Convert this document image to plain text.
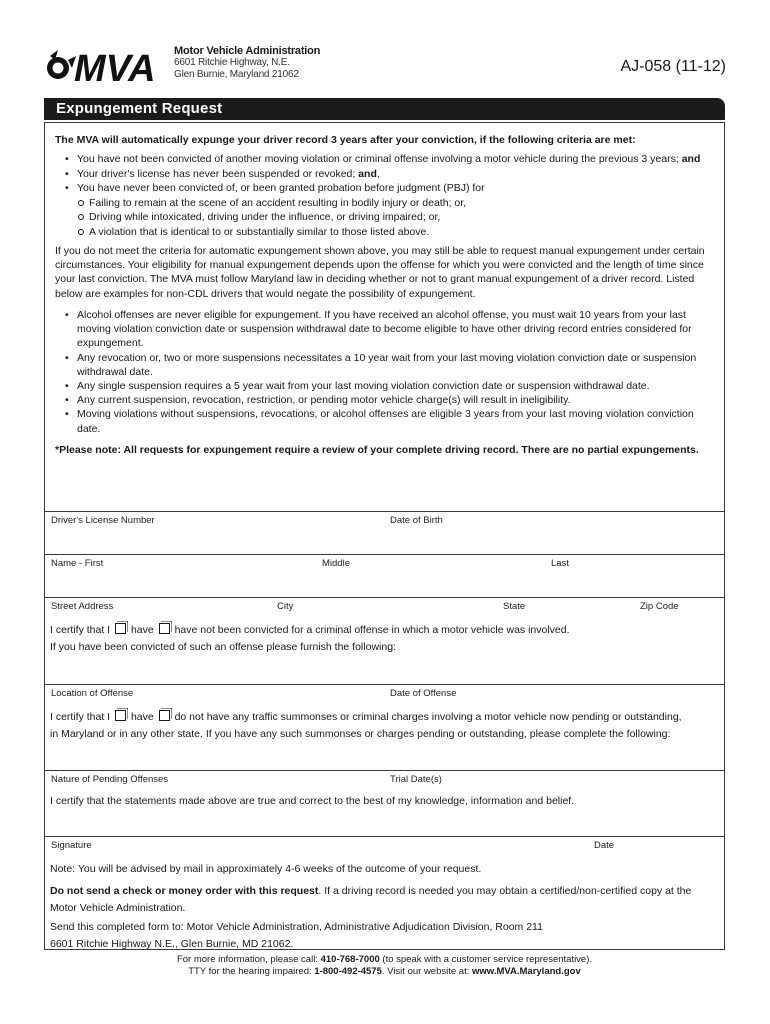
MVA Motor Vehicle Administration
6601 Ritchie Highway, N.E.
Glen Burnie, Maryland 21062	AJ-058 (11-12)
Expungement Request
The MVA will automatically expunge your driver record 3 years after your conviction, if the following criteria are met:
• You have not been convicted of another moving violation or criminal offense involving a motor vehicle during the previous 3 years; and
• Your driver's license has never been suspended or revoked; and,
• You have never been convicted of, or been granted probation before judgment (PBJ) for
Failing to remain at the scene of an accident resulting in bodily injury or death; or,
Driving while intoxicated, driving under the influence, or driving impaired; or,
A violation that is identical to or substantially similar to those listed above.
If you do not meet the criteria for automatic expungement shown above, you may still be able to request manual expungement under certain circumstances. Your eligibility for manual expungement depends upon the offense for which you were convicted and the length of time since your last conviction. The MVA must follow Maryland law in deciding whether or not to grant manual expungement of a driver record. Listed below are examples for non-CDL drivers that would negate the possibility of expungement.
• Alcohol offenses are never eligible for expungement. If you have received an alcohol offense, you must wait 10 years from your last moving violation conviction date or suspension withdrawal date to become eligible to have other driving record entries considered for expungement.
• Any revocation or, two or more suspensions necessitates a 10 year wait from your last moving violation conviction date or suspension withdrawal date.
• Any single suspension requires a 5 year wait from your last moving violation conviction date or suspension withdrawal date.
• Any current suspension, revocation, restriction, or pending motor vehicle charge(s) will result in ineligibility.
• Moving violations without suspensions, revocations, or alcohol offenses are eligible 3 years from your last moving violation conviction date.
*Please note: All requests for expungement require a review of your complete driving record. There are no partial expungements.
Driver's License Number	Date of Birth
Name - First	Middle	Last
Street Address	City	State	Zip Code
I certify that I have have not been convicted for a criminal offense in which a motor vehicle was involved.
If you have been convicted of such an offense please furnish the following:
Location of Offense	Date of Offense
I certify that I have do not have any traffic summonses or criminal charges involving a motor vehicle now pending or outstanding,
in Maryland or in any other state. If you have any such summonses or charges pending or outstanding, please complete the following:
Nature of Pending Offenses	Trial Date(s)
I certify that the statements made above are true and correct to the best of my knowledge, information and belief.
Signature	Date
Note: You will be advised by mail in approximately 4-6 weeks of the outcome of your request.
Do not send a check or money order with this request. If a driving record is needed you may obtain a certified/non-certified copy at the Motor Vehicle Administration.
Send this completed form to: Motor Vehicle Administration, Administrative Adjudication Division, Room 211
6601 Ritchie Highway N.E., Glen Burnie, MD 21062.
For more information, please call: 410-768-7000 (to speak with a customer service representative).
TTY for the hearing impaired: 1-800-492-4575. Visit our website at: www.MVA.Maryland.gov
